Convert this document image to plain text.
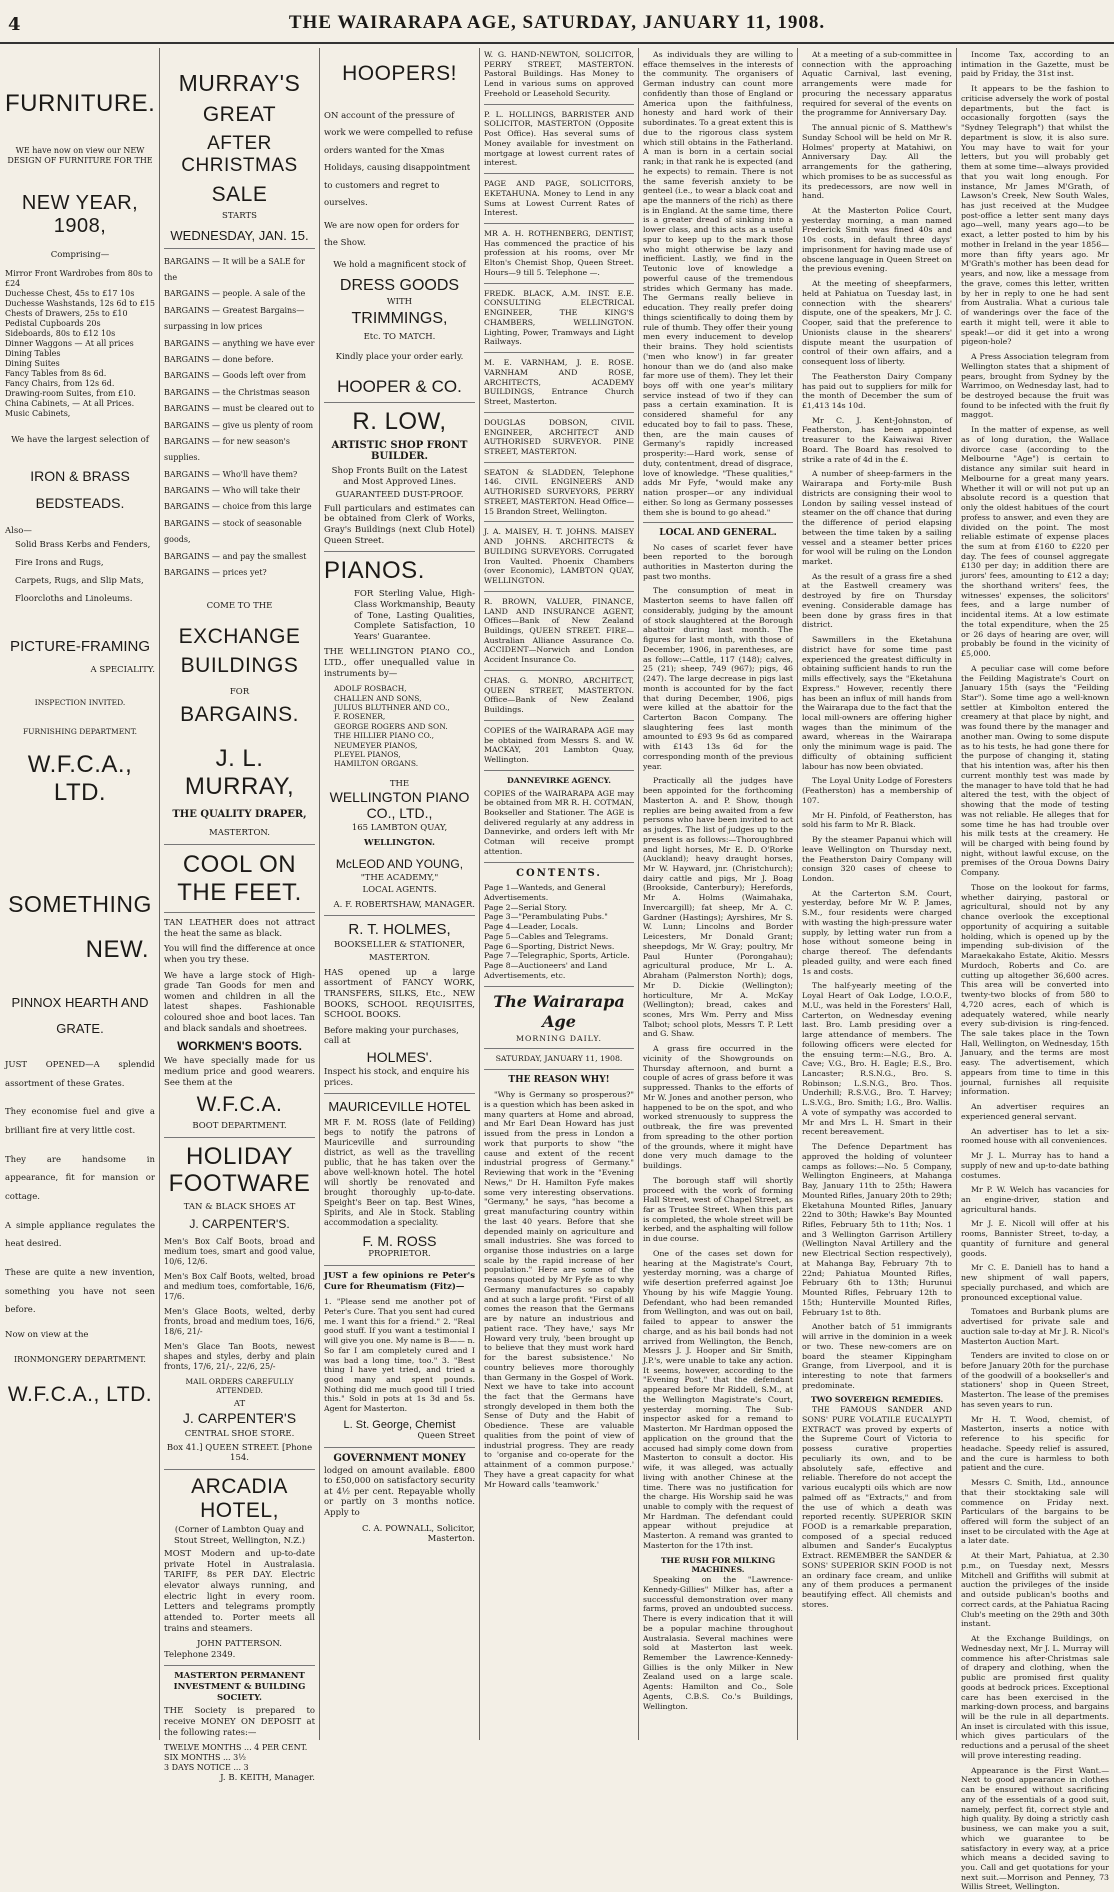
4	THE WAIRARAPA AGE, SATURDAY, JANUARY 11, 1908.
FURNITURE.
WE have now on view our NEW DESIGN OF FURNITURE FOR THE
NEW YEAR, 1908,
Comprising—
Mirror Front Wardrobes from 80s to £24
Duchesse Chest, 45s to £17 10s
Duchesse Washstands, 12s 6d to £15
Chests of Drawers, 25s to £10
Pedistal Cupboards 20s
Sideboards, 80s to £12 10s
Dinner Waggons — At all prices
Dining Tables
Dining Suites
Fancy Tables from 8s 6d.
Fancy Chairs, from 12s 6d.
Drawing-room Suites, from £10.
China Cabinets, — At all Prices.
Music Cabinets,
We have the largest selection of
IRON & BRASS BEDSTEADS.
Also—
Solid Brass Kerbs and Fenders,
Fire Irons and Rugs,
Carpets, Rugs, and Slip Mats,
Floorcloths and Linoleums.
PICTURE-FRAMING
A SPECIALITY.
INSPECTION INVITED.
FURNISHING DEPARTMENT.
W.F.C.A., LTD.
SOMETHING
NEW.
PINNOX HEARTH AND GRATE.
JUST OPENED—A splendid assortment of these Grates.
They economise fuel and give a brilliant fire at very little cost.
They are handsome in appearance, fit for mansion or cottage.
A simple appliance regulates the heat desired.
These are quite a new invention, something you have not seen before.
Now on view at the
IRONMONGERY DEPARTMENT.
W.F.C.A., LTD.
MURRAY'S
GREAT
AFTER CHRISTMAS
SALE
STARTS
WEDNESDAY, JAN. 15.
BARGAINS — It will be a SALE for the
BARGAINS — people. A sale of the
BARGAINS — Greatest Bargains—surpassing in low prices
BARGAINS — anything we have ever
BARGAINS — done before.
BARGAINS — Goods left over from
BARGAINS — the Christmas season
BARGAINS — must be cleared out to
BARGAINS — give us plenty of room
BARGAINS — for new season's supplies.
BARGAINS — Who'll have them?
BARGAINS — Who will take their
BARGAINS — choice from this large
BARGAINS — stock of seasonable goods,
BARGAINS — and pay the smallest
BARGAINS — prices yet?
COME TO THE
EXCHANGE BUILDINGS
FOR
BARGAINS.
J. L. MURRAY,
THE QUALITY DRAPER,
MASTERTON.
COOL ON THE FEET.
TAN LEATHER does not attract the heat the same as black.
You will find the difference at once when you try these.
We have a large stock of High-grade Tan Goods for men and women and children in all the latest shapes. Fashionable coloured shoe and boot laces. Tan and black sandals and shoetrees.
WORKMEN'S BOOTS.
We have specially made for us medium price and good wearers. See them at the
W.F.C.A.
BOOT DEPARTMENT.
HOLIDAY FOOTWARE
TAN & BLACK SHOES AT
J. CARPENTER'S.
Men's Box Calf Boots, broad and medium toes, smart and good value, 10/6, 12/6.
Men's Box Calf Boots, welted, broad and medium toes, comfortable, 16/6, 17/6.
Men's Glace Boots, welted, derby fronts, broad and medium toes, 16/6, 18/6, 21/-
Men's Glace Tan Boots, newest shapes and styles, derby and plain fronts, 17/6, 21/-, 22/6, 25/-
MAIL ORDERS CAREFULLY ATTENDED.
AT
J. CARPENTER'S
CENTRAL SHOE STORE.
Box 41.] QUEEN STREET. [Phone 154.
ARCADIA HOTEL,
(Corner of Lambton Quay and Stout Street, Wellington, N.Z.)
MOST Modern and up-to-date private Hotel in Australasia. TARIFF, 8s PER DAY. Electric elevator always running, and electric light in every room. Letters and telegrams promptly attended to. Porter meets all trains and steamers.
JOHN PATTERSON.
Telephone 2349.
MASTERTON PERMANENT INVESTMENT & BUILDING SOCIETY.
THE Society is prepared to receive MONEY ON DEPOSIT at the following rates:—
TWELVE MONTHS ... 4 PER CENT.
SIX MONTHS ... 3½
3 DAYS NOTICE ... 3
J. B. KEITH, Manager.
HOOPERS!
ON account of the pressure of work we were compelled to refuse orders wanted for the Xmas Holidays, causing disappointment to customers and regret to ourselves.
We are now open for orders for the Show.
We hold a magnificent stock of
DRESS GOODS
WITH
TRIMMINGS,
Etc. TO MATCH.
Kindly place your order early.
HOOPER & CO.
R. LOW,
ARTISTIC SHOP FRONT BUILDER.
Shop Fronts Built on the Latest and Most Approved Lines.
GUARANTEED DUST-PROOF.
Full particulars and estimates can be obtained from Clerk of Works, Gray's Buildings (next Club Hotel) Queen Street.
PIANOS.
FOR Sterling Value, High-Class Workmanship, Beauty of Tone, Lasting Qualities, Complete Satisfaction, 10 Years' Guarantee.
THE WELLINGTON PIANO CO., LTD., offer unequalled value in instruments by—
ADOLF ROSBACH,
CHALLEN AND SONS,
JULIUS BLUTHNER AND CO.,
F. ROSENER,
GEORGE ROGERS AND SON.
THE HILLIER PIANO CO.,
NEUMEYER PIANOS,
PLEYEL PIANOS,
HAMILTON ORGANS.
THE
WELLINGTON PIANO CO., LTD.,
165 LAMBTON QUAY,
WELLINGTON.
McLEOD AND YOUNG,
"THE ACADEMY,"
LOCAL AGENTS.
A. F. ROBERTSHAW, MANAGER.
R. T. HOLMES,
BOOKSELLER & STATIONER,
MASTERTON.
HAS opened up a large assortment of FANCY WORK, TRANSFERS, SILKS, Etc., NEW BOOKS, SCHOOL REQUISITES, SCHOOL BOOKS.
Before making your purchases, call at
HOLMES'.
Inspect his stock, and enquire his prices.
MAURICEVILLE HOTEL
MR F. M. ROSS (late of Feilding) begs to notify the patrons of Mauriceville and surrounding district, as well as the travelling public, that he has taken over the above well-known hotel. The hotel will shortly be renovated and brought thoroughly up-to-date. Speight's Beer on tap. Best Wines, Spirits, and Ale in Stock. Stabling accommodation a speciality.
F. M. ROSS
PROPRIETOR.
JUST a few opinions re Peter's Cure for Rheumatism (Fitz)—
1. "Please send me another pot of Peter's Cure. That you sent had cured me. I want this for a friend." 2. "Real good stuff. If you want a testimonial I will give you one. My name is B—— n. So far I am completely cured and I was bad a long time, too." 3. "Best thing I have yet tried, and tried a good many and spent pounds. Nothing did me much good till I tried this." Sold in pots at 1s 3d and 5s. Agent for Masterton.
L. St. George, Chemist
Queen Street
GOVERNMENT MONEY
lodged on amount available. £800 to £50,000 on satisfactory security at 4½ per cent. Repayable wholly or partly on 3 months notice. Apply to
C. A. POWNALL, Solicitor, Masterton.
W. G. HAND-NEWTON, SOLICITOR, PERRY STREET, MASTERTON. Pastoral Buildings. Has Money to Lend in various sums on approved Freehold or Leasehold Security.
P. L. HOLLINGS, BARRISTER AND SOLICITOR, MASTERTON (Opposite Post Office). Has several sums of Money available for investment on mortgage at lowest current rates of interest.
PAGE AND PAGE, SOLICITORS, EKETAHUNA. Money to Lend in any Sums at Lowest Current Rates of Interest.
MR A. H. ROTHENBERG, DENTIST, Has commenced the practice of his profession at his rooms, over Mr Elton's Chemist Shop, Queen Street. Hours—9 till 5. Telephone —.
FREDK. BLACK, A.M. INST. E.E. CONSULTING ELECTRICAL ENGINEER, THE KING'S CHAMBERS, WELLINGTON. Lighting, Power, Tramways and Light Railways.
M. E. VARNHAM, J. E. ROSE. VARNHAM AND ROSE, ARCHITECTS, ACADEMY BUILDINGS, Entrance Church Street, Masterton.
DOUGLAS DOBSON, CIVIL ENGINEER, ARCHITECT AND AUTHORISED SURVEYOR. PINE STREET, MASTERTON.
SEATON & SLADDEN, Telephone 146. CIVIL ENGINEERS AND AUTHORISED SURVEYORS, PERRY STREET, MASTERTON. Head Office— 15 Brandon Street, Wellington.
J. A. MAISEY, H. T. JOHNS. MAISEY AND JOHNS. ARCHITECTS & BUILDING SURVEYORS. Corrugated Iron Vaulted. Phoenix Chambers (over Economic), LAMBTON QUAY, WELLINGTON.
R. BROWN, VALUER, FINANCE, LAND AND INSURANCE AGENT, Offices—Bank of New Zealand Buildings, QUEEN STREET. FIRE—Australian Alliance Assurance Co. ACCIDENT—Norwich and London Accident Insurance Co.
CHAS. G. MONRO, ARCHITECT, QUEEN STREET, MASTERTON. Office—Bank of New Zealand Buildings.
COPIES of the WAIRARAPA AGE may be obtained from Messrs S. and W. MACKAY, 201 Lambton Quay, Wellington.
DANNEVIRKE AGENCY.
COPIES of the WAIRARAPA AGE may be obtained from MR R. H. COTMAN, Bookseller and Stationer. The AGE is delivered regularly at any address in Dannevirke, and orders left with Mr Cotman will receive prompt attention.
CONTENTS.
Page 1—Wanteds, and General Advertisements.
Page 2—Serial Story.
Page 3—"Perambulating Pubs."
Page 4—Leader, Locals.
Page 5—Cables and Telegrams.
Page 6—Sporting, District News.
Page 7—Telegraphic, Sports, Article.
Page 8—Auctioneers' and Land Advertisements, etc.
The Wairarapa Age
MORNING DAILY.
SATURDAY, JANUARY 11, 1908.
THE REASON WHY!
"Why is Germany so prosperous?" is a question which has been asked in many quarters at Home and abroad, and Mr Earl Dean Howard has just issued from the press in London a work that purports to show "the cause and extent of the recent industrial progress of Germany." Reviewing that work in the "Evening News," Dr H. Hamilton Fyfe makes some very interesting observations. "Germany," he says, "has become a great manufacturing country within the last 40 years. Before that she depended mainly on agriculture and small industries. She was forced to organise those industries on a large scale by the rapid increase of her population." Here are some of the reasons quoted by Mr Fyfe as to why Germany manufactures so capably and at such a large profit. "First of all comes the reason that the Germans are by nature an industrious and patient race. 'They have,' says Mr Howard very truly, 'been brought up to believe that they must work hard for the barest subsistence.' No country believes more thoroughly than Germany in the Gospel of Work. Next we have to take into account the fact that the Germans have strongly developed in them both the Sense of Duty and the Habit of Obedience. These are valuable qualities from the point of view of industrial progress. They are ready to 'organise and co-operate for the attainment of a common purpose.' They have a great capacity for what Mr Howard calls 'teamwork.'
As individuals they are willing to efface themselves in the interests of the community. The organisers of German industry can count more confidently than those of England or America upon the faithfulness, honesty and hard work of their subordinates. To a great extent this is due to the rigorous class system which still obtains in the Fatherland. A man is born in a certain social rank; in that rank he is expected (and he expects) to remain. There is not the same feverish anxiety to be genteel (i.e., to wear a black coat and ape the manners of the rich) as there is in England. At the same time, there is a greater dread of sinking into a lower class, and this acts as a useful spur to keep up to the mark those who might otherwise be lazy and inefficient. Lastly, we find in the Teutonic love of knowledge a powerful cause of the tremendous strides which Germany has made. The Germans really believe in education. They really prefer doing things scientifically to doing them by rule of thumb. They offer their young men every inducement to develop their brains. They hold scientists ('men who know') in far greater honour than we do (and also make far more use of them). They let their boys off with one year's military service instead of two if they can pass a certain examination. It is considered shameful for any educated boy to fail to pass. These, then, are the main causes of Germany's rapidly increased prosperity:—Hard work, sense of duty, contentment, dread of disgrace, love of knowledge. "These qualities," adds Mr Fyfe, "would make any nation prosper—or any individual either. So long as Germany possesses them she is bound to go ahead."
LOCAL AND GENERAL.
No cases of scarlet fever have been reported to the borough authorities in Masterton during the past two months.
The consumption of meat in Masterton seems to have fallen off considerably, judging by the amount of stock slaughtered at the Borough abattoir during last month. The figures for last month, with those of December, 1906, in parentheses, are as follow:—Cattle, 117 (148); calves, 25 (21); sheep, 749 (967); pigs, 46 (247). The large decrease in pigs last month is accounted for by the fact that during December, 1906, pigs were killed at the abattoir for the Carterton Bacon Company. The slaughtering fees last month amounted to £93 9s 6d as compared with £143 13s 6d for the corresponding month of the previous year.
Practically all the judges have been appointed for the forthcoming Masterton A. and P. Show, though replies are being awaited from a few persons who have been invited to act as judges. The list of judges up to the present is as follows:—Thoroughbred and light horses, Mr E. D. O'Rorke (Auckland); heavy draught horses, Mr W. Hayward, jnr. (Christchurch); dairy cattle and pigs, Mr J. Boag (Brookside, Canterbury); Herefords, Mr A. Holms (Waimahaka, Invercargill); fat sheep, Mr A. C. Gardner (Hastings); Ayrshires, Mr S. W. Lunn; Lincolns and Border Leicesters, Mr Donald Grant; sheepdogs, Mr W. Gray; poultry, Mr Paul Hunter (Porongahau); agricultural produce, Mr L. A. Abraham (Palmerston North); dogs, Mr D. Dickie (Wellington); horticulture, Mr A. McKay (Wellington); bread, cakes and scones, Mrs Wm. Perry and Miss Talbot; school plots, Messrs T. P. Lett and G. Shaw.
A grass fire occurred in the vicinity of the Showgrounds on Thursday afternoon, and burnt a couple of acres of grass before it was suppressed. Thanks to the efforts of Mr W. Jones and another person, who happened to be on the spot, and who worked strenuously to suppress the outbreak, the fire was prevented from spreading to the other portion of the grounds, where it might have done very much damage to the buildings.
The borough staff will shortly proceed with the work of forming Hall Street, west of Chapel Street, as far as Trustee Street. When this part is completed, the whole street will be kerbed, and the asphalting will follow in due course.
One of the cases set down for hearing at the Magistrate's Court, yesterday morning, was a charge of wife desertion preferred against Joe Yhoung by his wife Maggie Young. Defendant, who had been remanded from Wellington, and was out on bail, failed to appear to answer the charge, and as his bail bonds had not arrived from Wellington, the Bench, Messrs J. J. Hooper and Sir Smith, J.P.'s, were unable to take any action. It seems, however, according to the "Evening Post," that the defendant appeared before Mr Riddell, S.M., at the Wellington Magistrate's Court, yesterday morning. The Sub-inspector asked for a remand to Masterton. Mr Hardman opposed the application on the ground that the accused had simply come down from Masterton to consult a doctor. His wife, it was alleged, was actually living with another Chinese at the time. There was no justification for the charge. His Worship said he was unable to comply with the request of Mr Hardman. The defendant could appear without prejudice at Masterton. A remand was granted to Masterton for the 17th inst.
THE RUSH FOR MILKING MACHINES.
Speaking on the "Lawrence-Kennedy-Gillies" Milker has, after a successful demonstration over many farms, proved an undoubted success. There is every indication that it will be a popular machine throughout Australasia. Several machines were sold at Masterton last week. Remember the Lawrence-Kennedy-Gillies is the only Milker in New Zealand used on a large scale. Agents: Hamilton and Co., Sole Agents, C.B.S. Co.'s Buildings, Wellington.
At a meeting of a sub-committee in connection with the approaching Aquatic Carnival, last evening, arrangements were made for procuring the necessary apparatus required for several of the events on the programme for Anniversary Day.
The annual picnic of S. Matthew's Sunday School will be held on Mr R. Holmes' property at Matahiwi, on Anniversary Day. All the arrangements for the gathering, which promises to be as successful as its predecessors, are now well in hand.
At the Masterton Police Court, yesterday morning, a man named Frederick Smith was fined 40s and 10s costs, in default three days' imprisonment for having made use of obscene language in Queen Street on the previous evening.
At the meeting of sheepfarmers, held at Pahiatua on Tuesday last, in connection with the shearers' dispute, one of the speakers, Mr J. C. Cooper, said that the preference to Unionists clause in the shearers' dispute meant the usurpation of control of their own affairs, and a consequent loss of liberty.
The Featherston Dairy Company has paid out to suppliers for milk for the month of December the sum of £1,413 14s 10d.
Mr C. J. Kent-Johnston, of Featherston, has been appointed treasurer to the Kaiwaiwai River Board. The Board has resolved to strike a rate of 4d in the £.
A number of sheep-farmers in the Wairarapa and Forty-mile Bush districts are consigning their wool to London by sailing vessel instead of steamer on the off chance that during the difference of period elapsing between the time taken by a sailing vessel and a steamer better prices for wool will be ruling on the London market.
As the result of a grass fire a shed at the Eastwell creamery was destroyed by fire on Thursday evening. Considerable damage has been done by grass fires in that district.
Sawmillers in the Eketahuna district have for some time past experienced the greatest difficulty in obtaining sufficient hands to run the mills effectively, says the "Eketahuna Express." However, recently there has been an influx of mill hands from the Wairarapa due to the fact that the local mill-owners are offering higher wages than the minimum of the award, whereas in the Wairarapa only the minimum wage is paid. The difficulty of obtaining sufficient labour has now been obviated.
The Loyal Unity Lodge of Foresters (Featherston) has a membership of 107.
Mr H. Pinfold, of Featherston, has sold his farm to Mr R. Black.
By the steamer Papanui which will leave Wellington on Thursday next, the Featherston Dairy Company will consign 320 cases of cheese to London.
At the Carterton S.M. Court, yesterday, before Mr W. P. James, S.M., four residents were charged with wasting the high-pressure water supply, by letting water run from a hose without someone being in charge thereof. The defendants pleaded guilty, and were each fined 1s and costs.
The half-yearly meeting of the Loyal Heart of Oak Lodge, I.O.O.F., M.U., was held in the Foresters' Hall, Carterton, on Wednesday evening last. Bro. Lamb presiding over a large attendance of members. The following officers were elected for the ensuing term:—N.G., Bro. A. Cave; V.G., Bro. H. Eagle; E.S., Bro. Lancaster; R.S.N.G., Bro. S. Robinson; L.S.N.G., Bro. Thos. Underhill; R.S.V.G., Bro. T. Harvey; L.S.V.G., Bro. Smith; I.G., Bro. Wallis. A vote of sympathy was accorded to Mr and Mrs L. H. Smart in their recent bereavement.
The Defence Department has approved the holding of volunteer camps as follows:—No. 5 Company, Wellington Engineers, at Mahanga Bay, January 11th to 25th; Hawera Mounted Rifles, January 20th to 29th; Eketahuna Mounted Rifles, January 22nd to 30th; Hawke's Bay Mounted Rifles, February 5th to 11th; Nos. 1 and 3 Wellington Garrison Artillery (Wellington Naval Artillery and the new Electrical Section respectively), at Mahanga Bay, February 7th to 22nd; Pahiatua Mounted Rifles, February 6th to 13th; Hurunui Mounted Rifles, February 12th to 15th; Hunterville Mounted Rifles, February 1st to 8th.
Another batch of 51 immigrants will arrive in the dominion in a week or two. These new-comers are on board the steamer Kippingham Grange, from Liverpool, and it is interesting to note that farmers predominate.
TWO SOVEREIGN REMEDIES.
THE FAMOUS SANDER AND SONS' PURE VOLATILE EUCALYPTI EXTRACT was proved by experts of the Supreme Court of Victoria to possess curative properties peculiarly its own, and to be absolutely safe, effective and reliable. Therefore do not accept the various eucalypti oils which are now palmed off as "Extracts," and from the use of which a death was reported recently. SUPERIOR SKIN FOOD is a remarkable preparation, composed of a special reduced albumen and Sander's Eucalyptus Extract. REMEMBER the SANDER & SONS' SUPERIOR SKIN FOOD is not an ordinary face cream, and unlike any of them produces a permanent beautifying effect. All chemists and stores.
Income Tax, according to an intimation in the Gazette, must be paid by Friday, the 31st inst.
It appears to be the fashion to criticise adversely the work of postal departments, but the fact is occasionally forgotten (says the "Sydney Telegraph") that whilst the department is slow, it is also sure. You may have to wait for your letters, but you will probably get them at some time—always provided that you wait long enough. For instance, Mr James M'Grath, of Lawson's Creek, New South Wales, has just received at the Mudgee post-office a letter sent many days ago—well, many years ago—to be exact, a letter posted to him by his mother in Ireland in the year 1856—more than fifty years ago. Mr M'Grath's mother has been dead for years, and now, like a message from the grave, comes this letter, written by her in reply to one he had sent from Australia. What a curious tale of wanderings over the face of the earth it might tell, were it able to speak!—or did it get into a wrong pigeon-hole?
A Press Association telegram from Wellington states that a shipment of pears, brought from Sydney by the Warrimoo, on Wednesday last, had to be destroyed because the fruit was found to be infected with the fruit fly maggot.
In the matter of expense, as well as of long duration, the Wallace divorce case (according to the Melbourne "Age") is certain to distance any similar suit heard in Melbourne for a great many years. Whether it will or will not put up an absolute record is a question that only the oldest habitues of the court profess to answer, and even they are divided on the point. The most reliable estimate of expense places the sum at from £160 to £220 per day. The fees of counsel aggregate £130 per day; in addition there are jurors' fees, amounting to £12 a day; the shorthand writers' fees, the witnesses' expenses, the solicitors' fees, and a large number of incidental items. At a low estimate the total expenditure, when the 25 or 26 days of hearing are over, will probably be found in the vicinity of £5,000.
A peculiar case will come before the Feilding Magistrate's Court on January 15th (says the "Feilding Star"). Some time ago a well-known settler at Kimbolton entered the creamery at that place by night, and was found there by the manager and another man. Owing to some dispute as to his tests, he had gone there for the purpose of changing it, stating that his intention was, after his then current monthly test was made by the manager to have told that he had altered the test, with the object of showing that the mode of testing was not reliable. He alleges that for some time he has had trouble over his milk tests at the creamery. He will be charged with being found by night, without lawful excuse, on the premises of the Oroua Downs Dairy Company.
Those on the lookout for farms, whether dairying, pastoral or agricultural, should not by any chance overlook the exceptional opportunity of acquiring a suitable holding, which is opened up by the impending sub-division of the Maraekakaho Estate, Akitio. Messrs Murdoch, Roberts and Co. are cutting up altogether 36,600 acres. This area will be converted into twenty-two blocks of from 580 to 4,720 acres, each of which is adequately watered, while nearly every sub-division is ring-fenced. The sale takes place in the Town Hall, Wellington, on Wednesday, 15th January, and the terms are most easy. The advertisement, which appears from time to time in this journal, furnishes all requisite information.
An advertiser requires an experienced general servant.
An advertiser has to let a six-roomed house with all conveniences.
Mr J. L. Murray has to hand a supply of new and up-to-date bathing costumes.
Mr P. W. Welch has vacancies for an engine-driver, station and agricultural hands.
Mr J. E. Nicoll will offer at his rooms, Bannister Street, to-day, a quantity of furniture and general goods.
Mr C. E. Daniell has to hand a new shipment of wall papers, specially purchased, and which are pronounced exceptional value.
Tomatoes and Burbank plums are advertised for private sale and auction sale to-day at Mr J. R. Nicol's Masterton Auction Mart.
Tenders are invited to close on or before January 20th for the purchase of the goodwill of a bookseller's and stationers' shop in Queen Street, Masterton. The lease of the premises has seven years to run.
Mr H. T. Wood, chemist, of Masterton, inserts a notice with reference to his specific for headache. Speedy relief is assured, and the cure is harmless to both patient and the cure.
Messrs C. Smith, Ltd., announce that their stocktaking sale will commence on Friday next. Particulars of the bargains to be offered will form the subject of an inset to be circulated with the Age at a later date.
At their Mart, Pahiatua, at 2.30 p.m., on Tuesday next, Messrs Mitchell and Griffiths will submit at auction the privileges of the inside and outside publican's booths and correct cards, at the Pahiatua Racing Club's meeting on the 29th and 30th instant.
At the Exchange Buildings, on Wednesday next, Mr J. L. Murray will commence his after-Christmas sale of drapery and clothing, when the public are promised first quality goods at bedrock prices. Exceptional care has been exercised in the marking-down process, and bargains will be the rule in all departments. An inset is circulated with this issue, which gives particulars of the reductions and a perusal of the sheet will prove interesting reading.
Appearance is the First Want.—Next to good appearance in clothes can be ensured without sacrificing any of the essentials of a good suit, namely, perfect fit, correct style and high quality. By doing a strictly cash business, we can make you a suit, which we guarantee to be satisfactory in every way, at a price which means a decided saving to you. Call and get quotations for your next suit.—Morrison and Penney, 73 Willis Street, Wellington.
